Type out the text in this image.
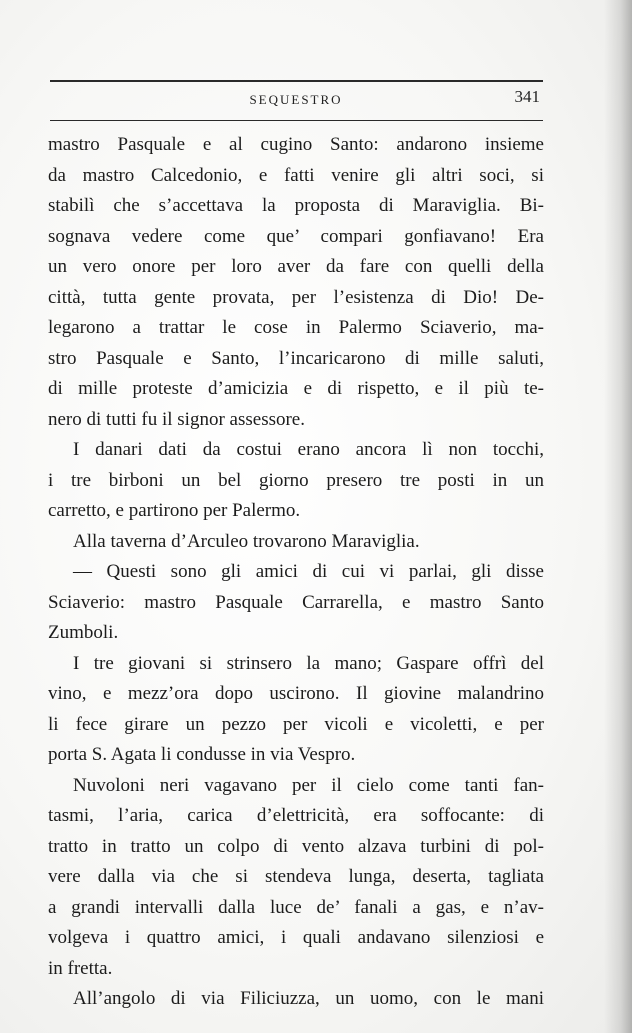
SEQUESTRO	341
mastro Pasquale e al cugino Santo: andarono insieme
da mastro Calcedonio, e fatti venire gli altri soci, si
stabilì che s’accettava la proposta di Maraviglia. Bi-
sognava vedere come que’ compari gonfiavano! Era
un vero onore per loro aver da fare con quelli della
città, tutta gente provata, per l’esistenza di Dio! De-
legarono a trattar le cose in Palermo Sciaverio, ma-
stro Pasquale e Santo, l’incaricarono di mille saluti,
di mille proteste d’amicizia e di rispetto, e il più te-
nero di tutti fu il signor assessore.
I danari dati da costui erano ancora lì non tocchi,
i tre birboni un bel giorno presero tre posti in un
carretto, e partirono per Palermo.
Alla taverna d’Arculeo trovarono Maraviglia.
— Questi sono gli amici di cui vi parlai, gli disse
Sciaverio: mastro Pasquale Carrarella, e mastro Santo
Zumboli.
I tre giovani si strinsero la mano; Gaspare offrì del
vino, e mezz’ora dopo uscirono. Il giovine malandrino
li fece girare un pezzo per vicoli e vicoletti, e per
porta S. Agata li condusse in via Vespro.
Nuvoloni neri vagavano per il cielo come tanti fan-
tasmi, l’aria, carica d’elettricità, era soffocante: di
tratto in tratto un colpo di vento alzava turbini di pol-
vere dalla via che si stendeva lunga, deserta, tagliata
a grandi intervalli dalla luce de’ fanali a gas, e n’av-
volgeva i quattro amici, i quali andavano silenziosi e
in fretta.
All’angolo di via Filiciuzza, un uomo, con le mani
